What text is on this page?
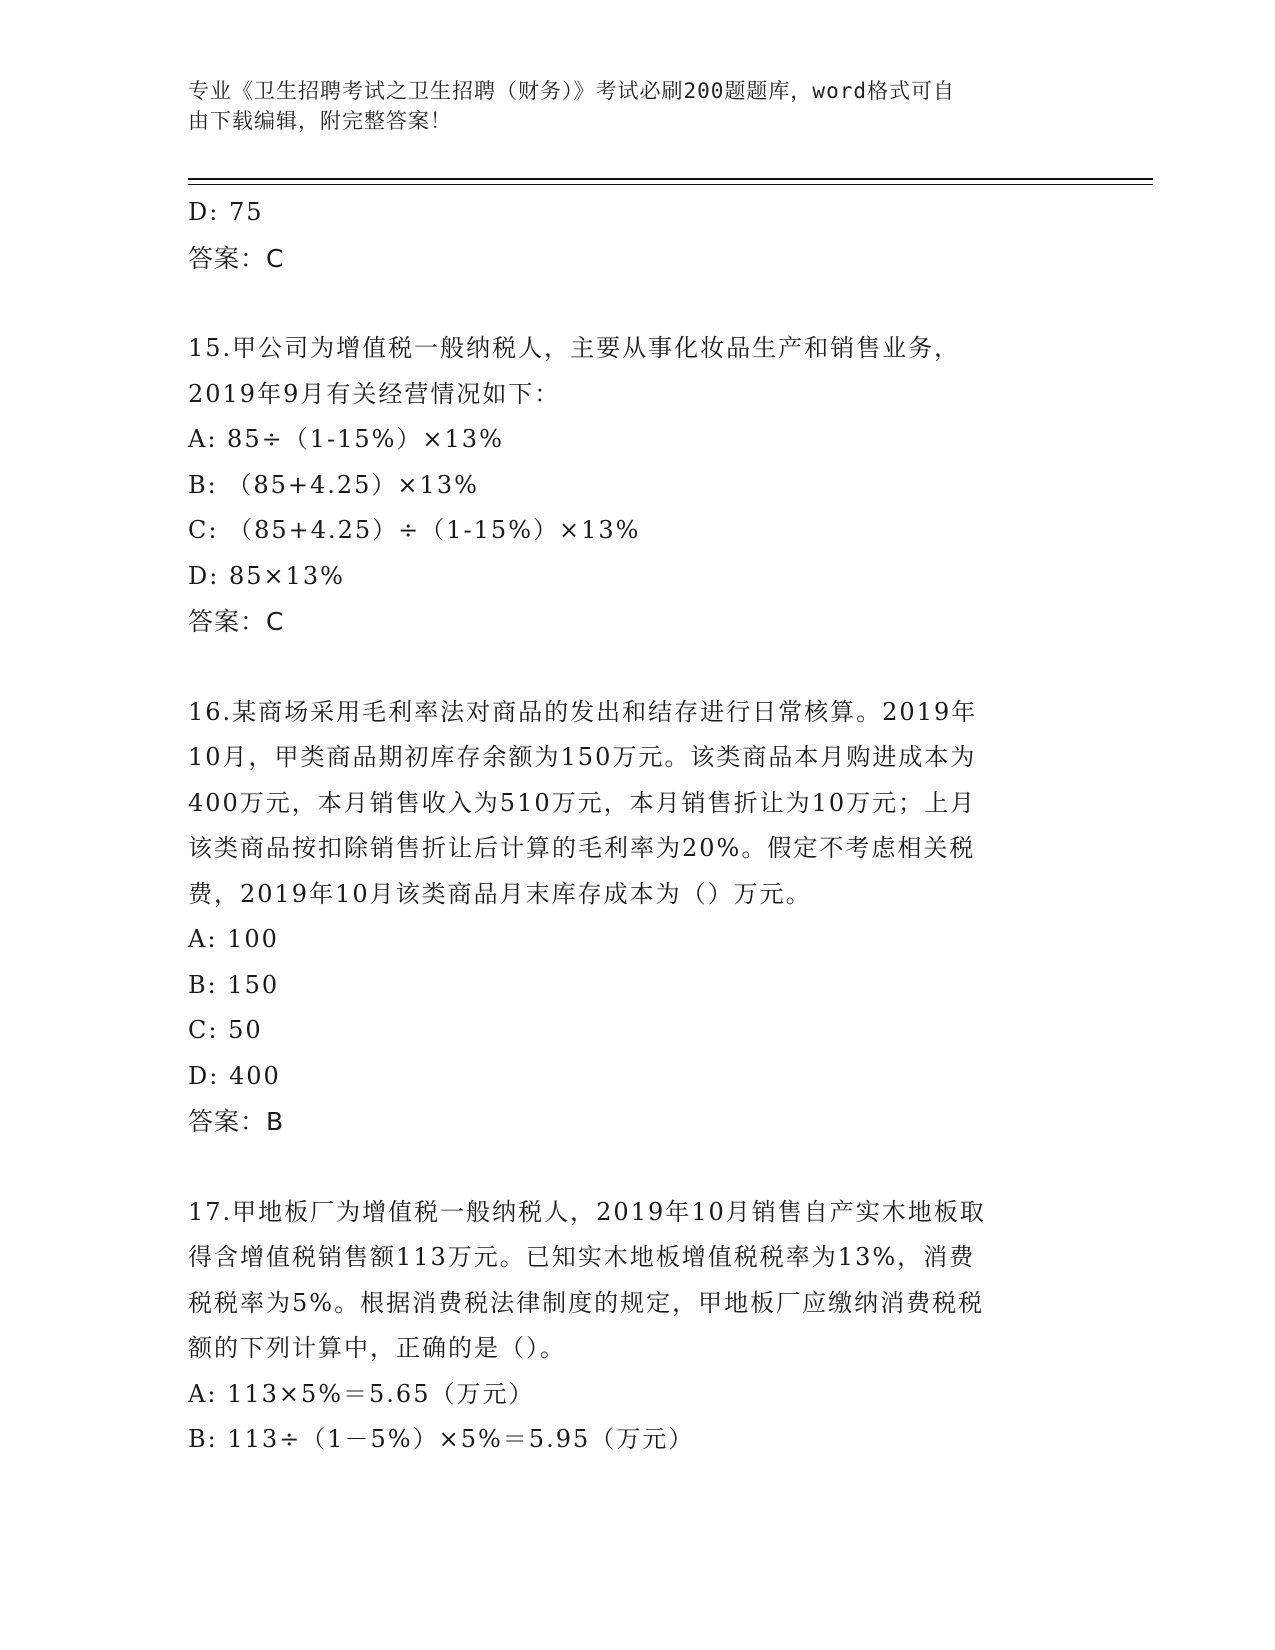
专业《卫生招聘考试之卫生招聘（财务）》考试必刷200题题库，word格式可自
由下载编辑，附完整答案！

D: 75

答案：C

15.甲公司为增值税一般纳税人，主要从事化妆品生产和销售业务，

2019年9月有关经营情况如下：

A: 85÷（1-15%）×13%

B: （85+4.25）×13%

C: （85+4.25）÷（1-15%）×13%

D: 85×13%

答案：C

16.某商场采用毛利率法对商品的发出和结存进行日常核算。2019年

10月，甲类商品期初库存余额为150万元。该类商品本月购进成本为

400万元，本月销售收入为510万元，本月销售折让为10万元；上月

该类商品按扣除销售折让后计算的毛利率为20%。假定不考虑相关税

费，2019年10月该类商品月末库存成本为（）万元。

A: 100

B: 150

C: 50

D: 400

答案：B

17.甲地板厂为增值税一般纳税人，2019年10月销售自产实木地板取

得含增值税销售额113万元。已知实木地板增值税税率为13%，消费

税税率为5%。根据消费税法律制度的规定，甲地板厂应缴纳消费税税

额的下列计算中，正确的是（）。

A: 113×5%＝5.65（万元）

B: 113÷（1－5%）×5%＝5.95（万元）
